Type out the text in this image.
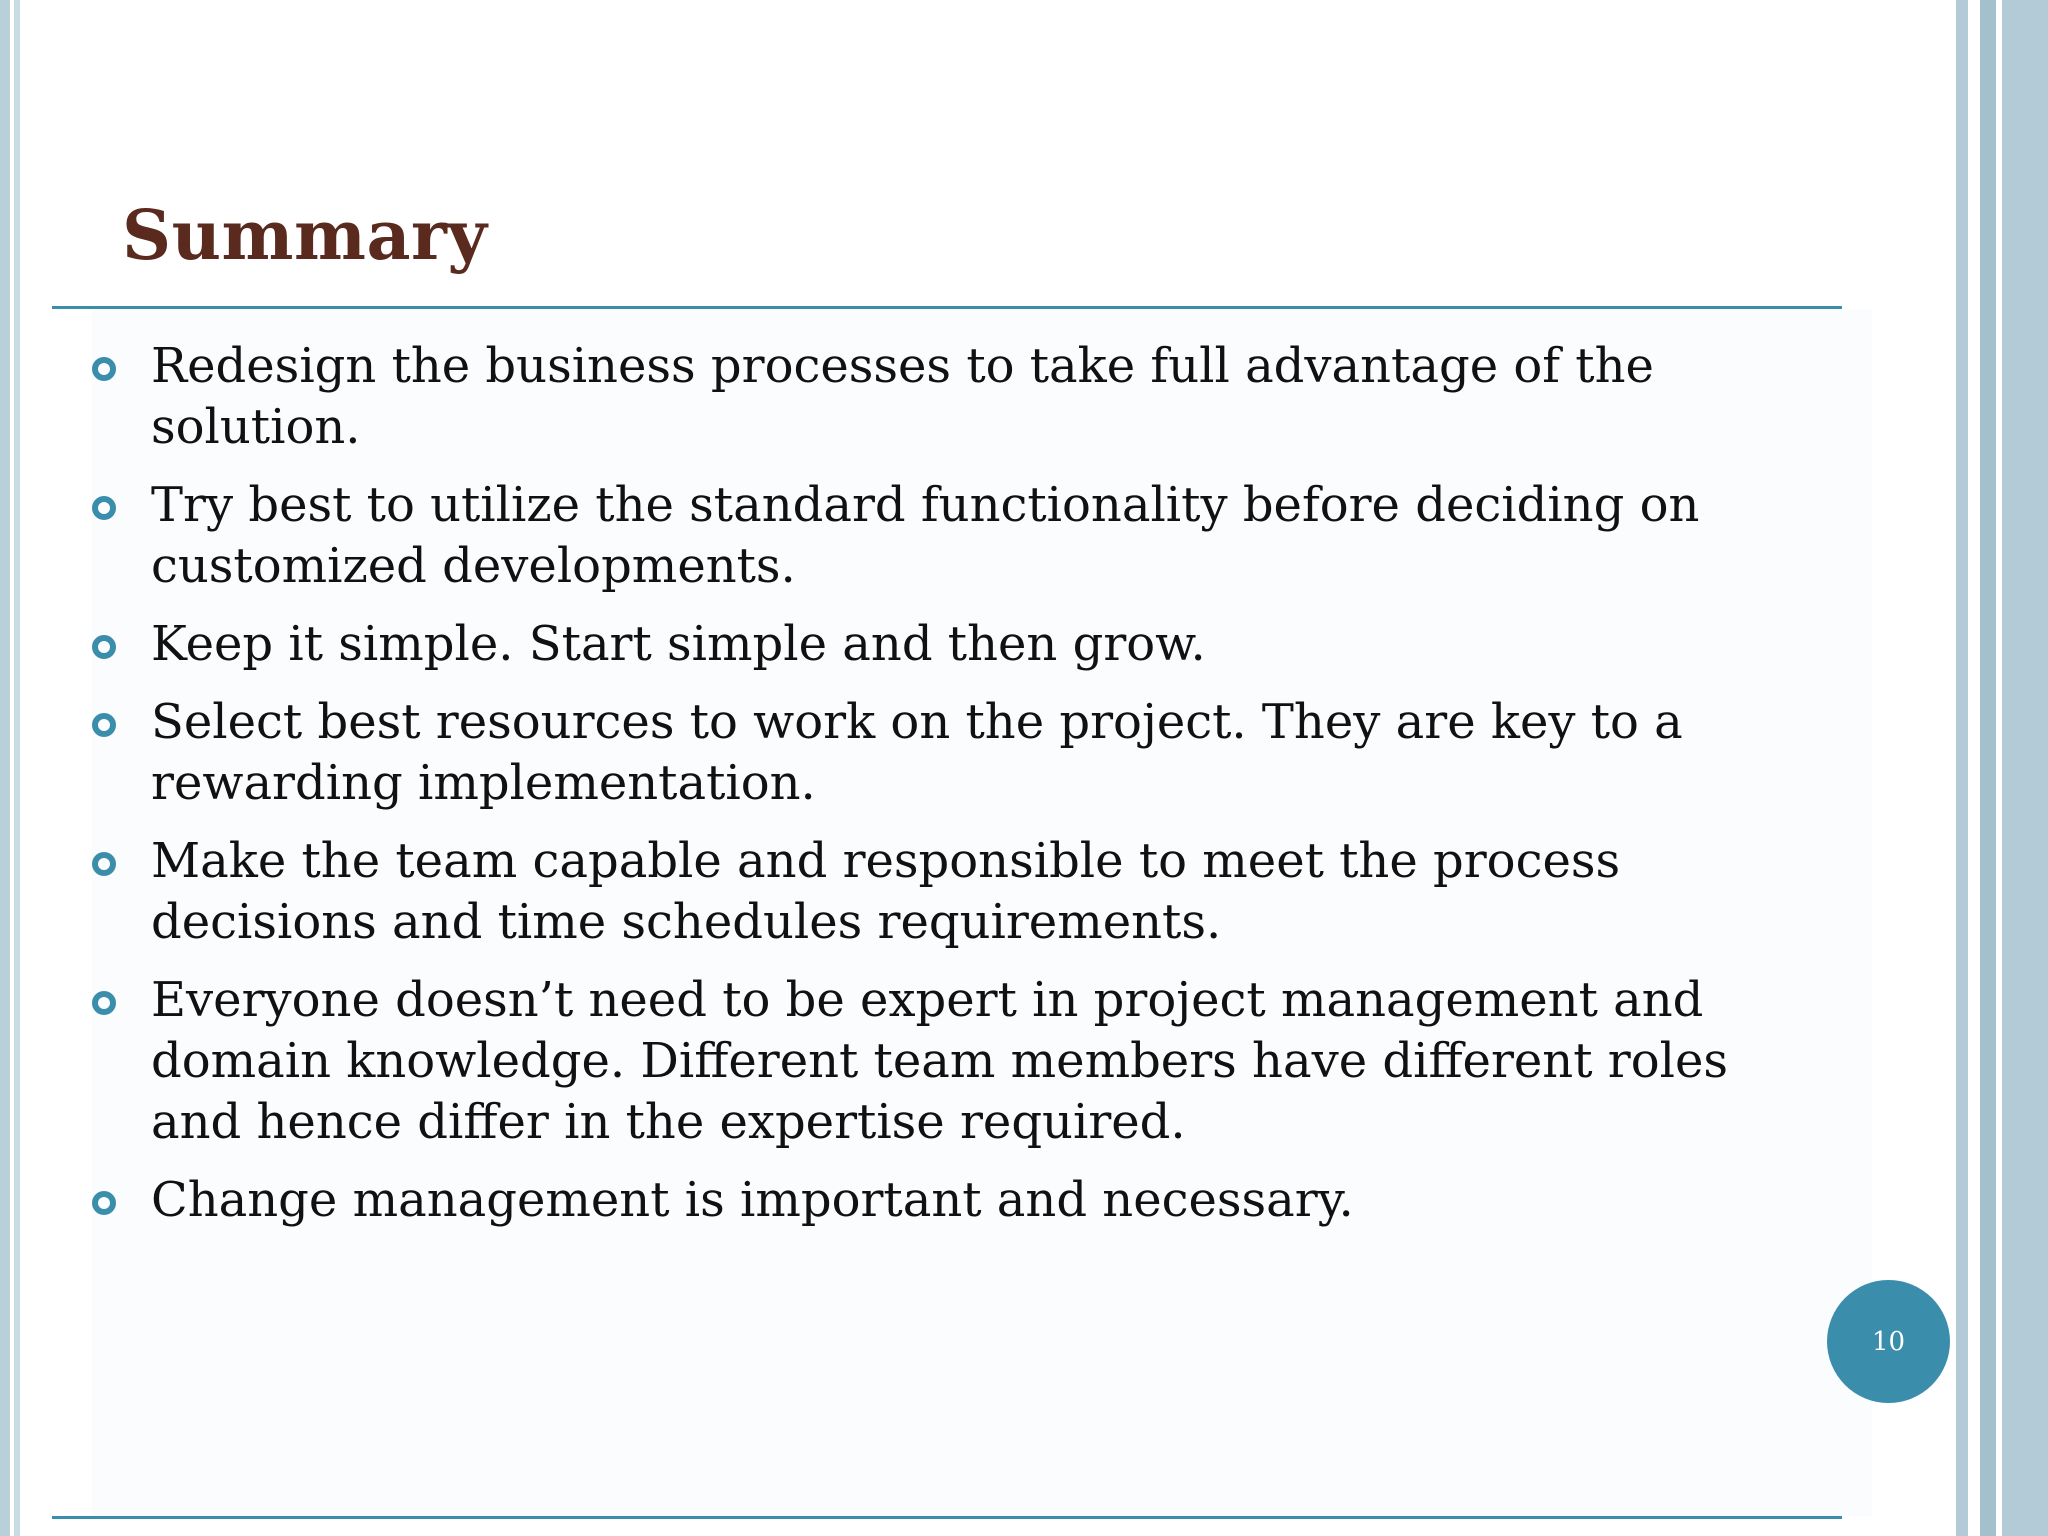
Summary
Redesign the business processes to take full advantage of the solution.
Try best to utilize the standard functionality before deciding on customized developments.
Keep it simple. Start simple and then grow.
Select best resources to work on the project. They are key to a rewarding implementation.
Make the team capable and responsible to meet the process decisions and time schedules requirements.
Everyone doesn’t need to be expert in project management and domain knowledge. Different team members have different roles and hence differ in the expertise required.
Change management is important and necessary.
10
